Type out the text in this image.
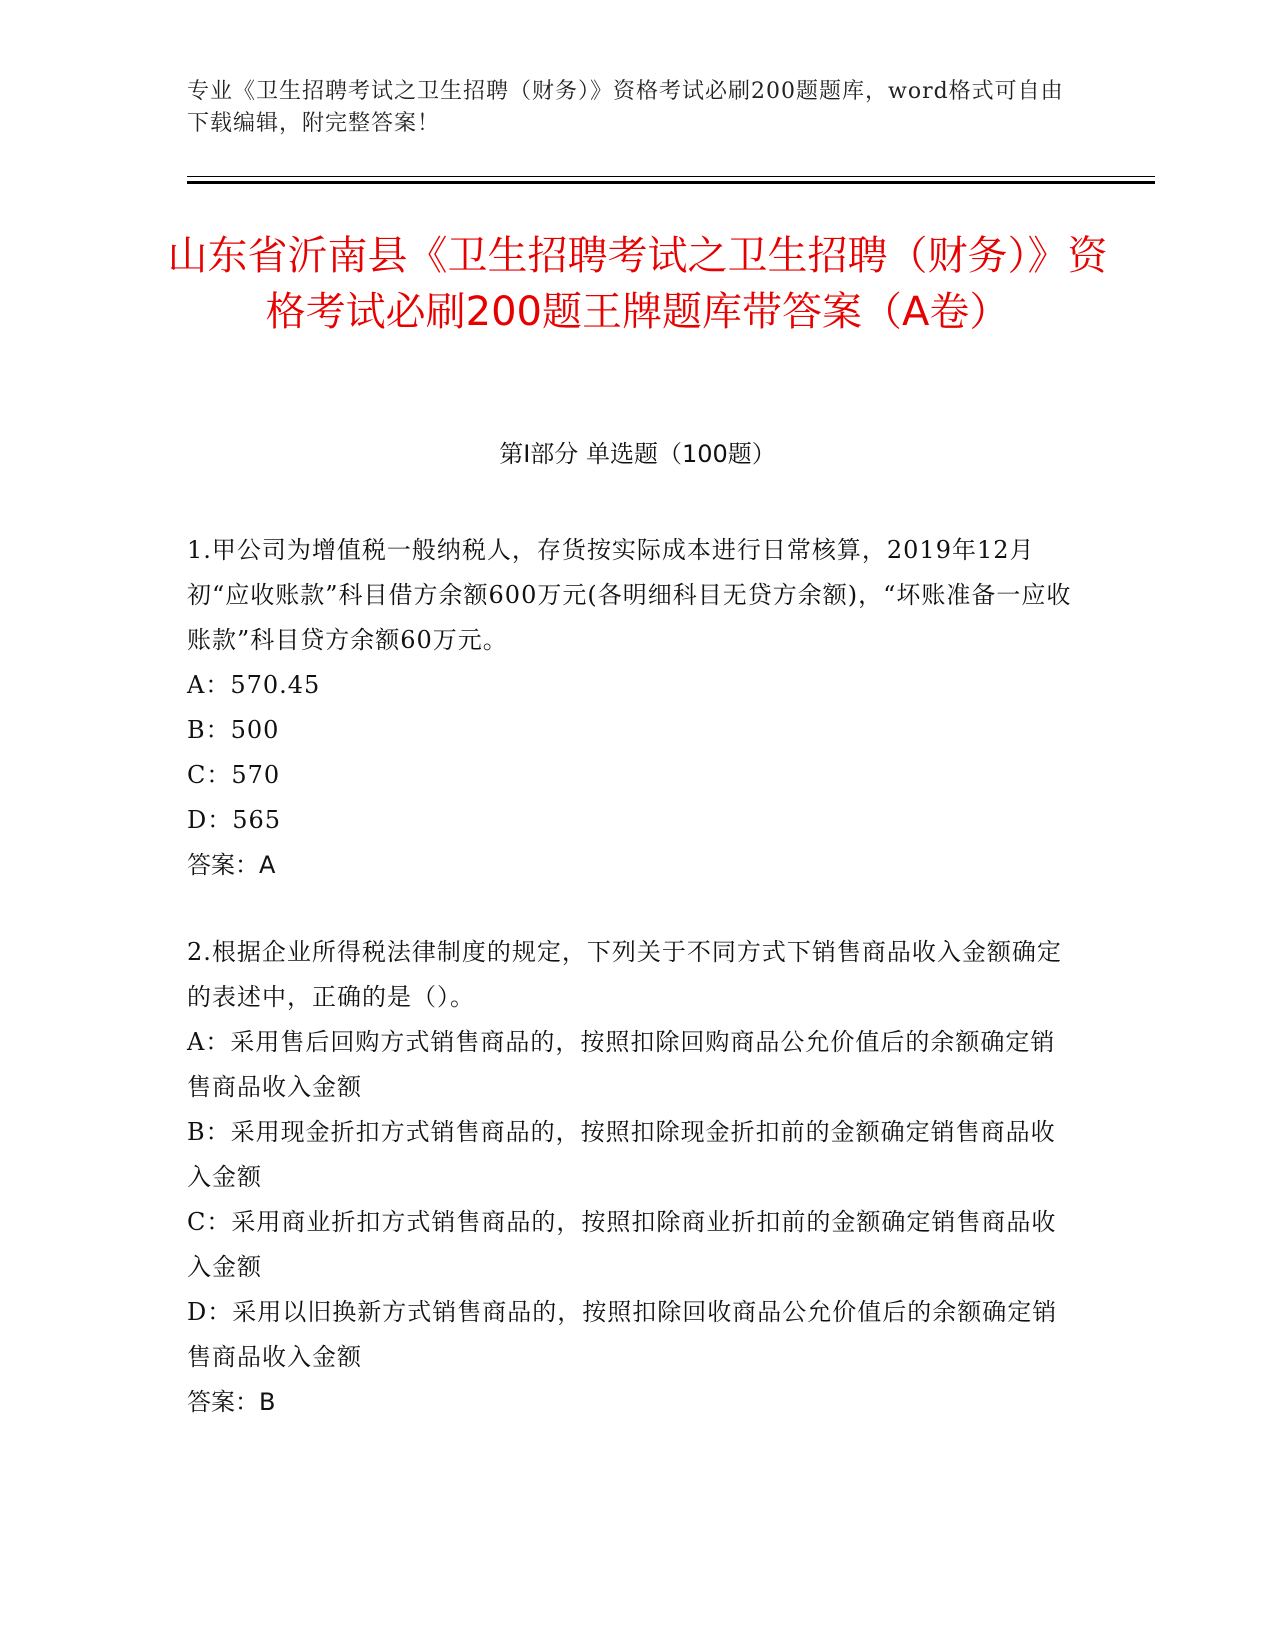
专业《卫生招聘考试之卫生招聘（财务）》资格考试必刷200题题库，word格式可自由下载编辑，附完整答案！
山东省沂南县《卫生招聘考试之卫生招聘（财务）》资格考试必刷200题王牌题库带答案（A卷）
第Ⅰ部分 单选题（100题）
1.甲公司为增值税一般纳税人，存货按实际成本进行日常核算，2019年12月初“应收账款”科目借方余额600万元(各明细科目无贷方余额)，“坏账准备一应收账款”科目贷方余额60万元。
A：570.45
B：500
C：570
D：565
答案：A
2.根据企业所得税法律制度的规定，下列关于不同方式下销售商品收入金额确定的表述中，正确的是（）。
A：采用售后回购方式销售商品的，按照扣除回购商品公允价值后的余额确定销售商品收入金额
B：采用现金折扣方式销售商品的，按照扣除现金折扣前的金额确定销售商品收入金额
C：采用商业折扣方式销售商品的，按照扣除商业折扣前的金额确定销售商品收入金额
D：采用以旧换新方式销售商品的，按照扣除回收商品公允价值后的余额确定销售商品收入金额
答案：B
